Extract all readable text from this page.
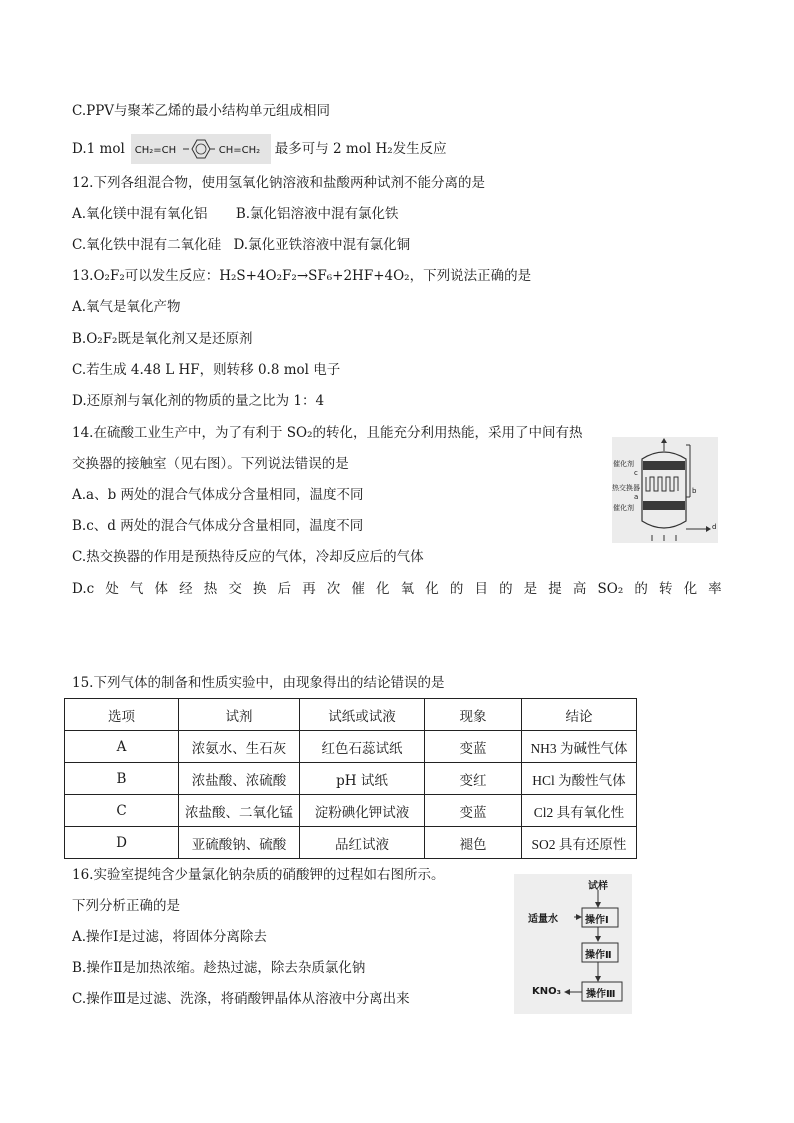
C.PPV与聚苯乙烯的最小结构单元组成相同
D.1 mol CH₂=CH	CH=CH₂ 最多可与 2 mol H₂发生反应
12.下列各组混合物，使用氢氧化钠溶液和盐酸两种试剂不能分离的是
A.氧化镁中混有氧化铝 B.氯化铝溶液中混有氯化铁
C.氧化铁中混有二氧化硅 D.氯化亚铁溶液中混有氯化铜
13.O₂F₂可以发生反应：H₂S+4O₂F₂→SF₆+2HF+4O₂，下列说法正确的是
A.氧气是氧化产物
B.O₂F₂既是氧化剂又是还原剂
C.若生成 4.48 L HF，则转移 0.8 mol 电子
D.还原剂与氧化剂的物质的量之比为 1：4
14.在硫酸工业生产中，为了有利于 SO₂的转化，且能充分利用热能，采用了中间有热
交换器的接触室（见右图）。下列说法错误的是
A.a、b 两处的混合气体成分含量相同，温度不同
B.c、d 两处的混合气体成分含量相同，温度不同
C.热交换器的作用是预热待反应的气体，冷却反应后的气体
D.c 处 气 体 经 热 交 换 后 再 次 催 化 氧 化 的 目 的 是 提 高 SO₂ 的 转 化 率
催化剂
c
热交换器
a
催化剂
b
d
15.下列气体的制备和性质实验中，由现象得出的结论错误的是
选项	试剂	试纸或试液	现象	结论
A	浓氨水、生石灰	红色石蕊试纸	变蓝	NH3 为碱性气体
B	浓盐酸、浓硫酸	pH 试纸	变红	HCl 为酸性气体
C	浓盐酸、二氧化锰	淀粉碘化钾试液	变蓝	Cl2 具有氧化性
D	亚硫酸钠、硫酸	品红试液	褪色	SO2 具有还原性
16.实验室提纯含少量氯化钠杂质的硝酸钾的过程如右图所示。
下列分析正确的是
A.操作Ⅰ是过滤，将固体分离除去
B.操作Ⅱ是加热浓缩。趁热过滤，除去杂质氯化钠
C.操作Ⅲ是过滤、洗涤，将硝酸钾晶体从溶液中分离出来
试样
适量水	操作Ⅰ
操作Ⅱ
操作Ⅲ
KNO₃
